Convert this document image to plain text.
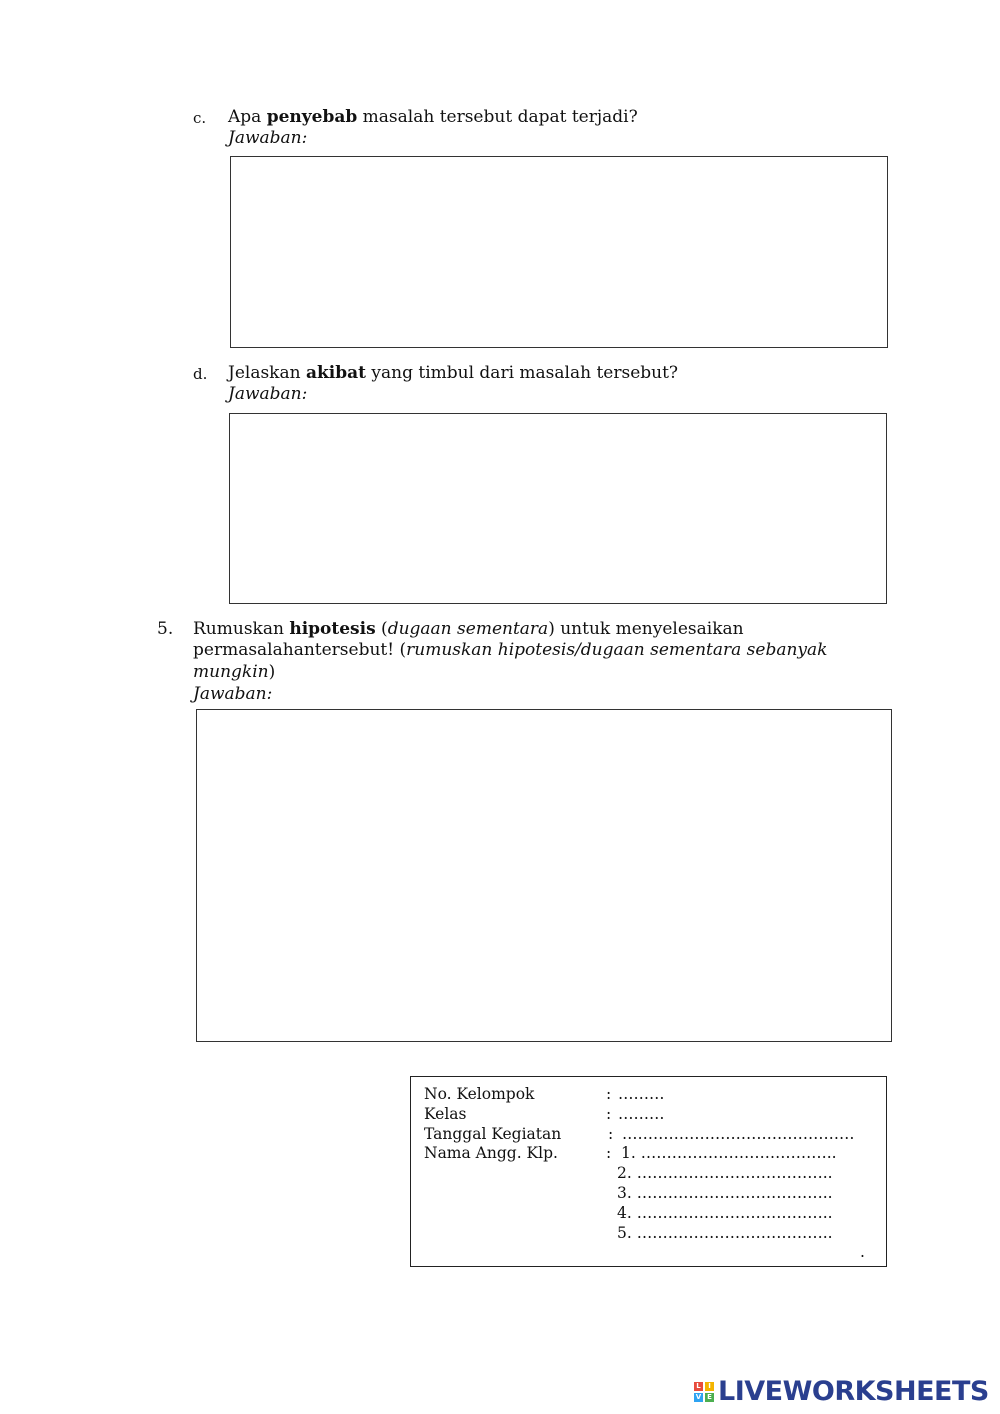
c. Apa penyebab masalah tersebut dapat terjadi?
Jawaban:
d. Jelaskan akibat yang timbul dari masalah tersebut?
Jawaban:
5. Rumuskan hipotesis (dugaan sementara) untuk menyelesaikan
permasalahantersebut! (rumuskan hipotesis/dugaan sementara sebanyak
mungkin)
Jawaban:
No. Kelompok	: ………
Kelas	: ………
Tanggal Kegiatan	: ………………………………………
Nama Angg. Klp.	: 1. ………………………………..
2. ………………………………..
3. ………………………………..
4. ………………………………..
5. ………………………………..
.
L	I
V E LIVEWORKSHEETS
